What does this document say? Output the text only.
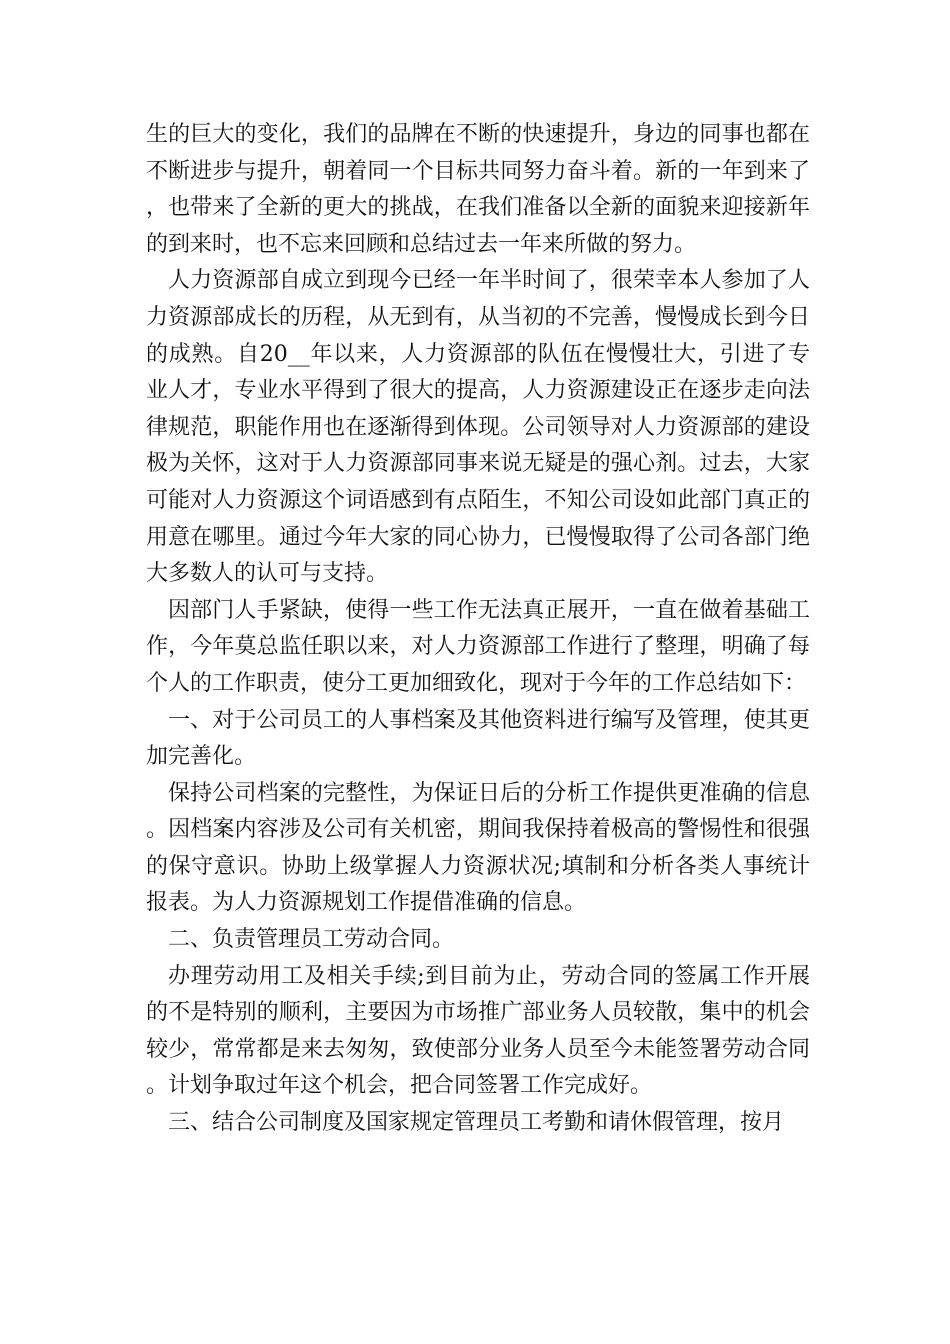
生的巨大的变化，我们的品牌在不断的快速提升，身边的同事也都在不断进步与提升，朝着同一个目标共同努力奋斗着。新的一年到来了，也带来了全新的更大的挑战，在我们准备以全新的面貌来迎接新年的到来时，也不忘来回顾和总结过去一年来所做的努力。

人力资源部自成立到现今已经一年半时间了，很荣幸本人参加了人力资源部成长的历程，从无到有，从当初的不完善，慢慢成长到今日的成熟。自20__年以来，人力资源部的队伍在慢慢壮大，引进了专业人才，专业水平得到了很大的提高，人力资源建设正在逐步走向法律规范，职能作用也在逐渐得到体现。公司领导对人力资源部的建设极为关怀，这对于人力资源部同事来说无疑是的强心剂。过去，大家可能对人力资源这个词语感到有点陌生，不知公司设如此部门真正的用意在哪里。通过今年大家的同心协力，已慢慢取得了公司各部门绝大多数人的认可与支持。

因部门人手紧缺，使得一些工作无法真正展开，一直在做着基础工作，今年莫总监任职以来，对人力资源部工作进行了整理，明确了每个人的工作职责，使分工更加细致化，现对于今年的工作总结如下：

一、对于公司员工的人事档案及其他资料进行编写及管理，使其更加完善化。

保持公司档案的完整性，为保证日后的分析工作提供更准确的信息。因档案内容涉及公司有关机密，期间我保持着极高的警惕性和很强的保守意识。协助上级掌握人力资源状况;填制和分析各类人事统计报表。为人力资源规划工作提借准确的信息。

二、负责管理员工劳动合同。

办理劳动用工及相关手续;到目前为止，劳动合同的签属工作开展的不是特别的顺利，主要因为市场推广部业务人员较散，集中的机会较少，常常都是来去匆匆，致使部分业务人员至今未能签署劳动合同。计划争取过年这个机会，把合同签署工作完成好。

三、结合公司制度及国家规定管理员工考勤和请休假管理，按月
